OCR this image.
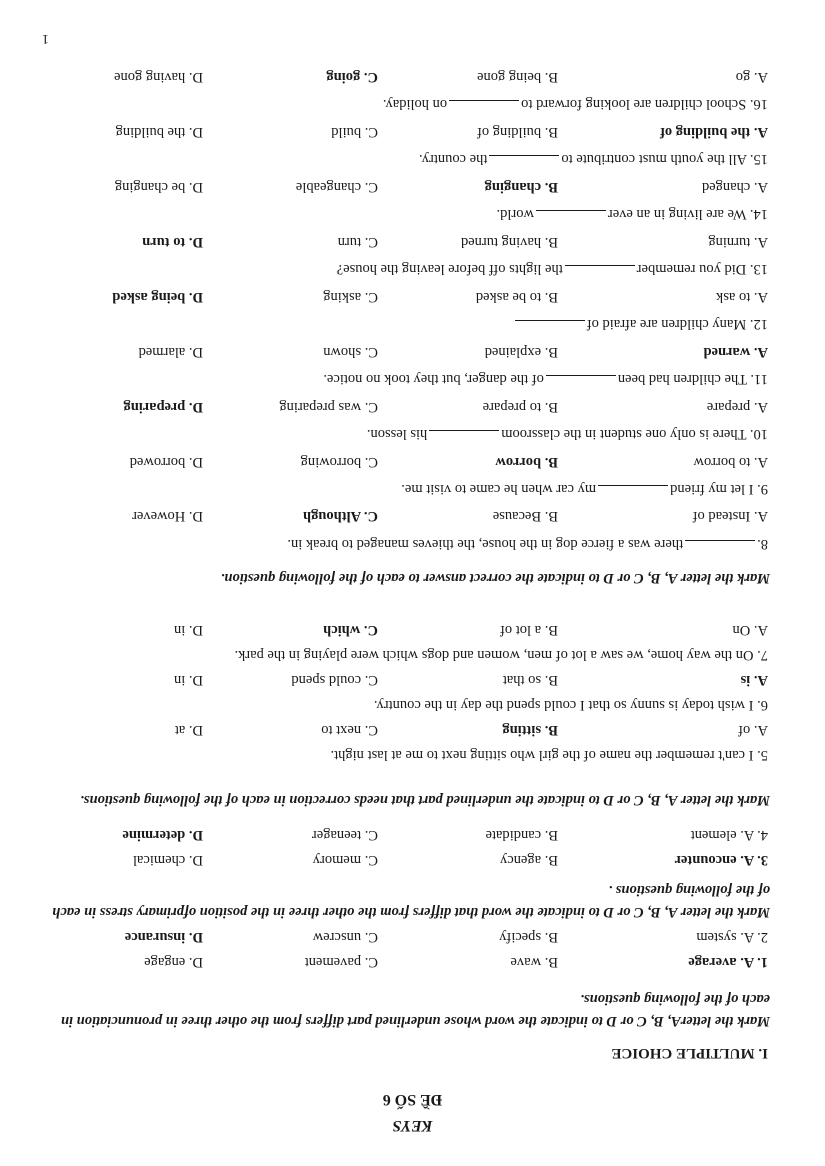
KEYS
ĐỀ SỐ 6
I. MULTIPLE CHOICE
Mark the letterA, B, C or D to indicate the word whose underlined part differs from the other three in pronunciation in each of the following questions.
1. A. average
B. wave
C. pavement
D. engage
2. A. system
B. specify
C. unscrew
D. insurance
Mark the letter A, B, C or D to indicate the word that differs from the other three in the position ofprimary stress in each of the following questions .
3. A. encounter
B. agency
C. memory
D. chemical
4. A. element
B. candidate
C. teenager
D. determine
Mark the letter A, B, C or D to indicate the underlined part that needs correction in each of the following questions.
5. I can't remember the name of the girl who sitting next to me at last night.
A. of
B. sitting
C. next to
D. at
6. I wish today is sunny so that I could spend the day in the country.
A. is
B. so that
C. could spend
D. in
7. On the way home, we saw a lot of men, women and dogs which were playing in the park.
A. On
B. a lot of
C. which
D. in
Mark the letter A, B, C or D to indicate the correct answer to each of the following question.
8.there was a fierce dog in the house, the thieves managed to break in.
A. Instead of
B. Because
C. Although
D. However
9. I let my friendmy car when he came to visit me.
A. to borrow
B. borrow
C. borrowing
D. borrowed
10. There is only one student in the classroomhis lesson.
A. prepare
B. to prepare
C. was preparing
D. preparing
11. The children had beenof the danger, but they took no notice.
A. warned
B. explained
C. shown
D. alarmed
12. Many children are afraid of
A. to ask
B. to be asked
C. asking
D. being asked
13. Did you rememberthe lights off before leaving the house?
A. turning
B. having turned
C. turn
D. to turn
14. We are living in an everworld.
A. changed
B. changing
C. changeable
D. be changing
15. All the youth must contribute tothe country.
A. the building of
B. building of
C. build
D. the building
16. School children are looking forward toon holiday.
A. go
B. being gone
C. going
D. having gone
1
